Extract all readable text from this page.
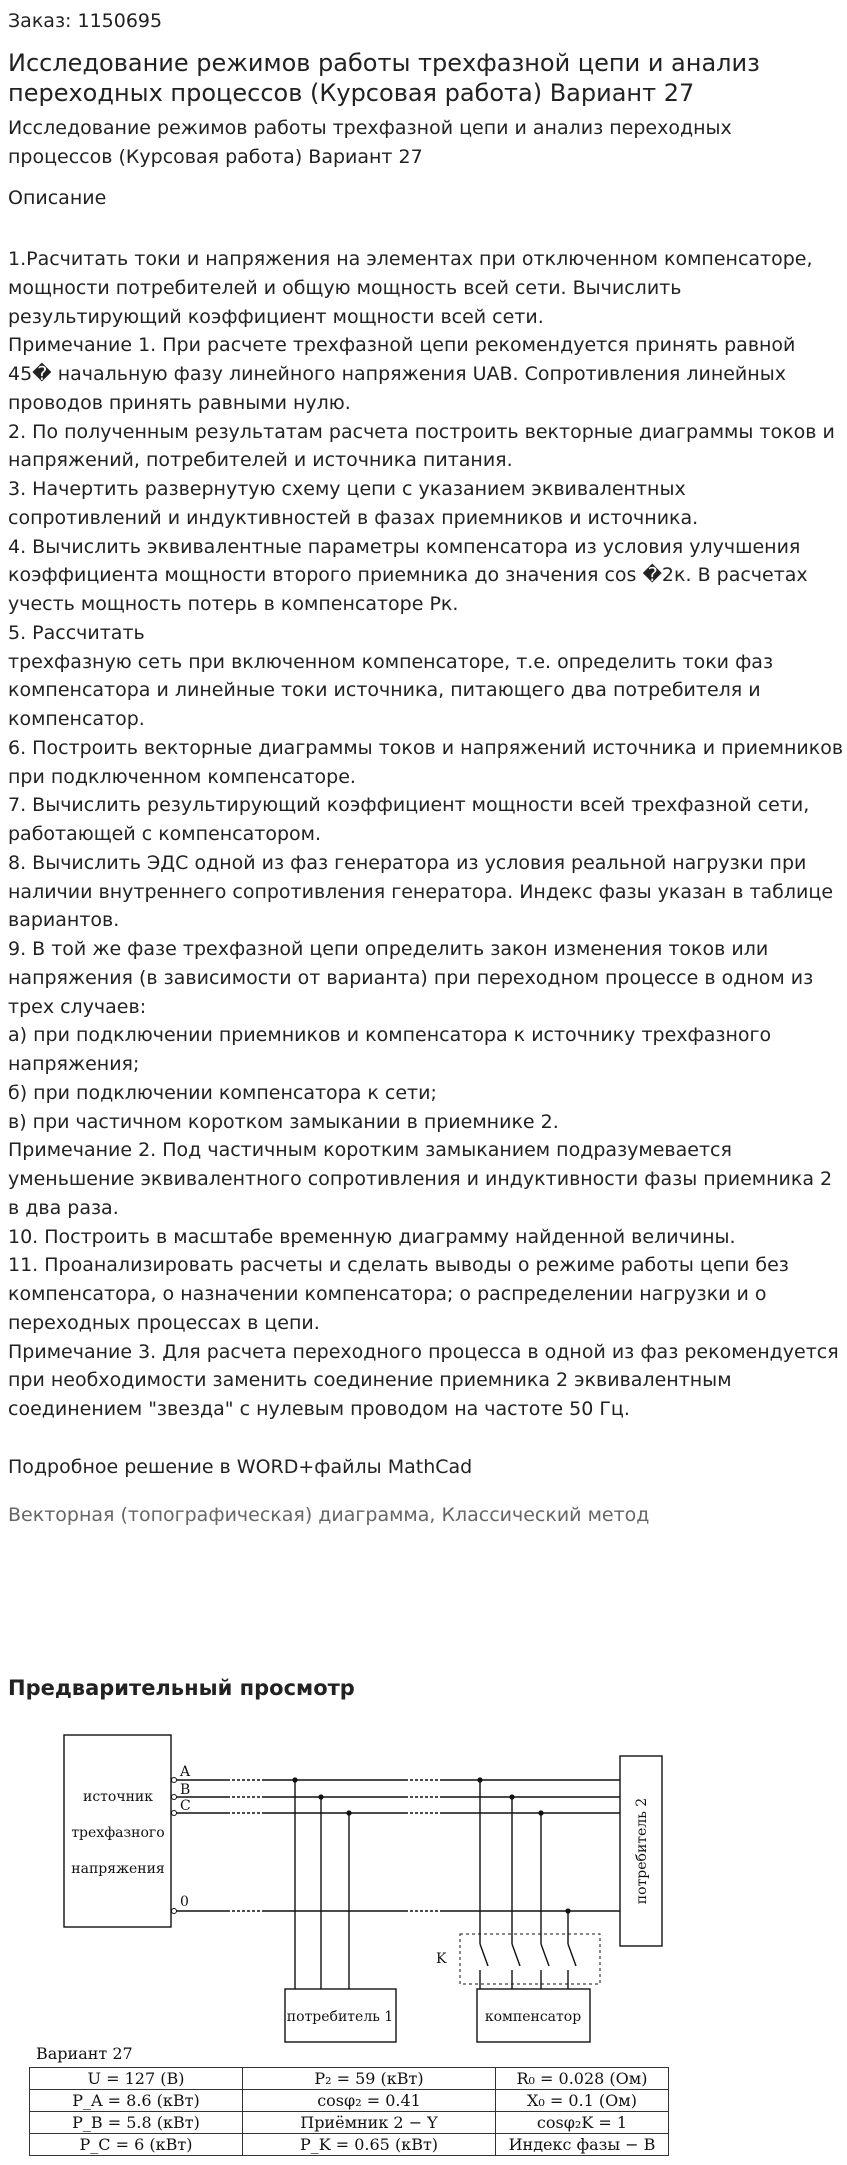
Заказ: 1150695
Исследование режимов работы трехфазной цепи и анализ переходных процессов (Курсовая работа) Вариант 27
Исследование режимов работы трехфазной цепи и анализ переходных процессов (Курсовая работа) Вариант 27
Описание
1.Расчитать токи и напряжения на элементах при отключенном компенсаторе, мощности потребителей и общую мощность всей сети. Вычислить результирующий коэффициент мощности всей сети.
Примечание 1. При расчете трехфазной цепи рекомендуется принять равной 45� начальную фазу линейного напряжения UAB. Сопротивления линейных проводов принять равными нулю.
2. По полученным результатам расчета построить векторные диаграммы токов и напряжений, потребителей и источника питания.
3. Начертить развернутую схему цепи с указанием эквивалентных сопротивлений и индуктивностей в фазах приемников и источника.
4. Вычислить эквивалентные параметры компенсатора из условия улучшения коэффициента мощности второго приемника до значения cos �2к. В расчетах учесть мощность потерь в компенсаторе Pк.
5. Рассчитать
трехфазную сеть при включенном компенсаторе, т.е. определить токи фаз компенсатора и линейные токи источника, питающего два потребителя и компенсатор.
6. Построить векторные диаграммы токов и напряжений источника и приемников при подключенном компенсаторе.
7. Вычислить результирующий коэффициент мощности всей трехфазной сети, работающей с компенсатором.
8. Вычислить ЭДС одной из фаз генератора из условия реальной нагрузки при наличии внутреннего сопротивления генератора. Индекс фазы указан в таблице вариантов.
9. В той же фазе трехфазной цепи определить закон изменения токов или напряжения (в зависимости от варианта) при переходном процессе в одном из трех случаев:
а) при подключении приемников и компенсатора к источнику трехфазного напряжения;
б) при подключении компенсатора к сети;
в) при частичном коротком замыкании в приемнике 2.
Примечание 2. Под частичным коротким замыканием подразумевается уменьшение эквивалентного сопротивления и индуктивности фазы приемника 2 в два раза.
10. Построить в масштабе временную диаграмму найденной величины.
11. Проанализировать расчеты и сделать выводы о режиме работы цепи без компенсатора, о назначении компенсатора; о распределении нагрузки и о переходных процессах в цепи.
Примечание 3. Для расчета переходного процесса в одной из фаз рекомендуется при необходимости заменить соединение приемника 2 эквивалентным соединением "звезда" с нулевым проводом на частоте 50 Гц.

Подробное решение в WORD+файлы MathCad
Векторная (топографическая) диаграмма, Классический метод
Предварительный просмотр
источник
трехфазного
напряжения
A
B
C
0
K
потребитель 1	компенсатор
потребитель 2
Вариант 27
U = 127 (B)	P₂ = 59 (кВт)	R₀ = 0.028 (Ом)
P_A = 8.6 (кВт)	cosφ₂ = 0.41	X₀ = 0.1 (Ом)
P_B = 5.8 (кВт)	Приёмник 2 − Y	cosφ₂K = 1
P_C = 6 (кВт)	P_K = 0.65 (кВт)	Индекс фазы − B
